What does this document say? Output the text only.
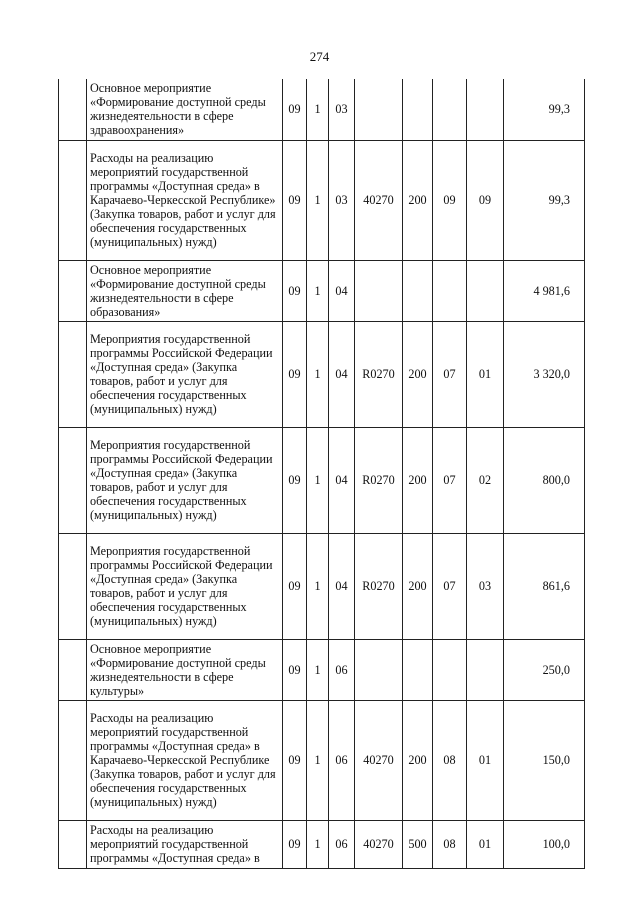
274
	Основное мероприятие «Формирование доступной среды жизнедеятельности в сфере здравоохранения»	09	1	03					99,3
	Расходы на реализацию мероприятий государственной программы «Доступная среда» в Карачаево-Черкесской Республике» (Закупка товаров, работ и услуг для обеспечения государственных (муниципальных) нужд)	09	1	03	40270	200	09	09	99,3
	Основное мероприятие «Формирование доступной среды жизнедеятельности в сфере образования»	09	1	04					4 981,6
	Мероприятия государственной программы Российской Федерации «Доступная среда» (Закупка товаров, работ и услуг для обеспечения государственных (муниципальных) нужд)	09	1	04	R0270	200	07	01	3 320,0
	Мероприятия государственной программы Российской Федерации «Доступная среда» (Закупка товаров, работ и услуг для обеспечения государственных (муниципальных) нужд)	09	1	04	R0270	200	07	02	800,0
	Мероприятия государственной программы Российской Федерации «Доступная среда» (Закупка товаров, работ и услуг для обеспечения государственных (муниципальных) нужд)	09	1	04	R0270	200	07	03	861,6
	Основное мероприятие «Формирование доступной среды жизнедеятельности в сфере культуры»	09	1	06					250,0
	Расходы на реализацию мероприятий государственной программы «Доступная среда» в Карачаево-Черкесской Республике (Закупка товаров, работ и услуг для обеспечения государственных (муниципальных) нужд)	09	1	06	40270	200	08	01	150,0
	Расходы на реализацию мероприятий государственной программы «Доступная среда» в	09	1	06	40270	500	08	01	100,0
